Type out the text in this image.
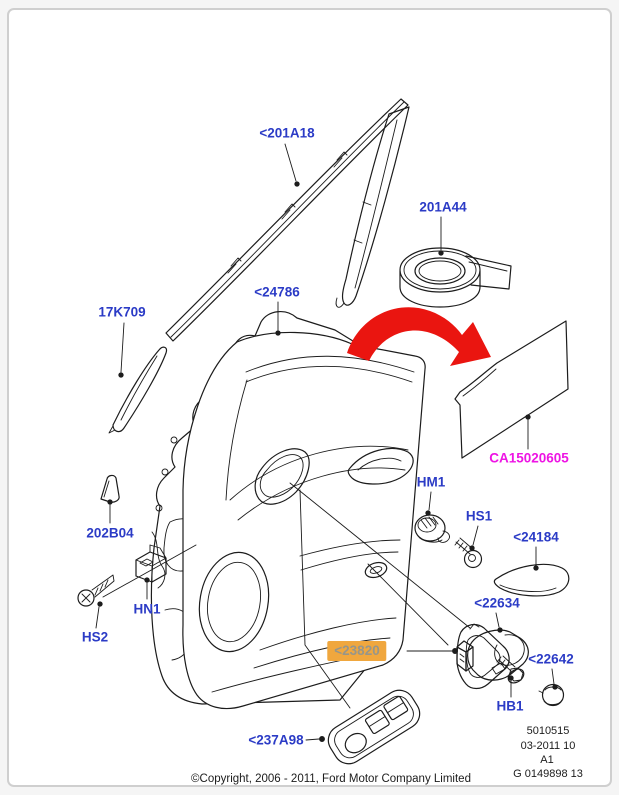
<201A18
201A44
17K709
<24786
202B04
HS2
HN1
HM1
HS1
<24184
<22634
<22642
HB1
<23820
<237A98
CA15020605
5010515
03-2011 10
A1
G 0149898 13
©Copyright, 2006 - 2011, Ford Motor Company Limited
